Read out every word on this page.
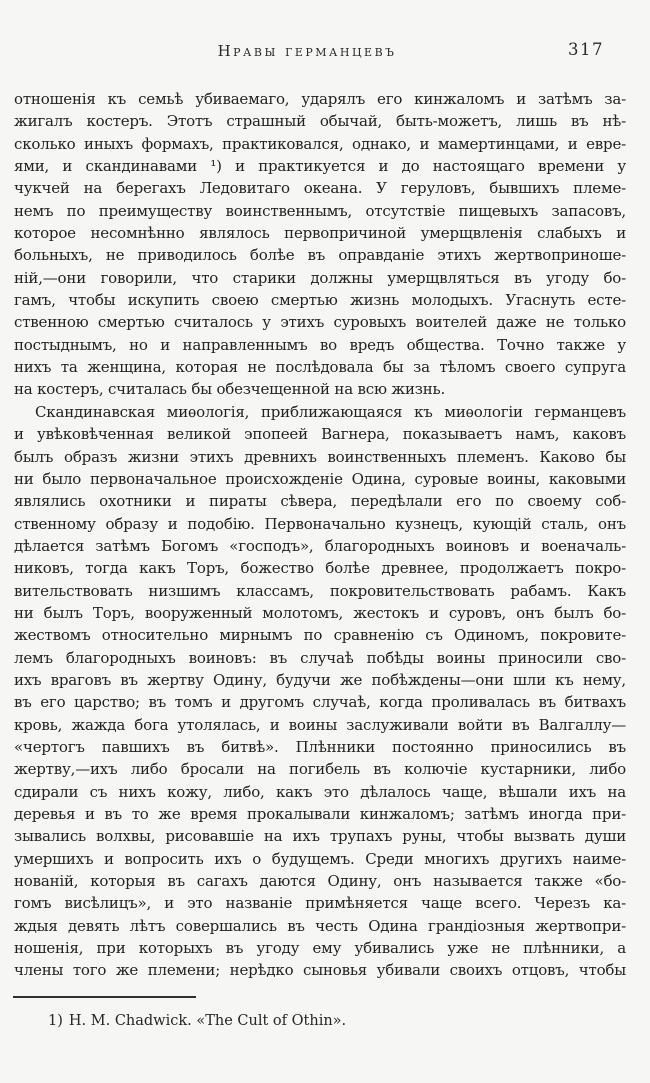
Нравы германцевъ	317
отношенія къ семьѣ убиваемаго, ударялъ его кинжаломъ и затѣмъ за-
жигалъ костеръ. Этотъ страшный обычай, быть-можетъ, лишь въ нѣ-
сколько иныхъ формахъ, практиковался, однако, и мамертинцами, и евре-
ями, и скандинавами ¹) и практикуется и до настоящаго времени у
чукчей на берегахъ Ледовитаго океана. У геруловъ, бывшихъ племе-
немъ по преимуществу воинственнымъ, отсутствіе пищевыхъ запасовъ,
которое несомнѣнно являлось первопричиной умерщвленія слабыхъ и
больныхъ, не приводилось болѣе въ оправданіе этихъ жертвоприноше-
ній,—они говорили, что старики должны умерщвляться въ угоду бо-
гамъ, чтобы искупить своею смертью жизнь молодыхъ. Угаснуть есте-
ственною смертью считалось у этихъ суровыхъ воителей даже не только
постыднымъ, но и направленнымъ во вредъ общества. Точно также у
нихъ та женщина, которая не послѣдовала бы за тѣломъ своего супруга
на костеръ, считалась бы обезчещенной на всю жизнь.
Скандинавская миѳологія, приближающаяся къ миѳологіи германцевъ
и увѣковѣченная великой эпопеей Вагнера, показываетъ намъ, каковъ
былъ образъ жизни этихъ древнихъ воинственныхъ племенъ. Каково бы
ни было первоначальное происхожденіе Одина, суровые воины, каковыми
являлись охотники и пираты сѣвера, передѣлали его по своему соб-
ственному образу и подобію. Первоначально кузнецъ, кующій сталь, онъ
дѣлается затѣмъ Богомъ «господъ», благородныхъ воиновъ и военачаль-
никовъ, тогда какъ Торъ, божество болѣе древнее, продолжаетъ покро-
вительствовать низшимъ классамъ, покровительствовать рабамъ. Какъ
ни былъ Торъ, вооруженный молотомъ, жестокъ и суровъ, онъ былъ бо-
жествомъ относительно мирнымъ по сравненію съ Одиномъ, покровите-
лемъ благородныхъ воиновъ: въ случаѣ побѣды воины приносили сво-
ихъ враговъ въ жертву Одину, будучи же побѣждены—они шли къ нему,
въ его царство; въ томъ и другомъ случаѣ, когда проливалась въ битвахъ
кровь, жажда бога утолялась, и воины заслуживали войти въ Валгаллу—
«чертогъ павшихъ въ битвѣ». Плѣнники постоянно приносились въ
жертву,—ихъ либо бросали на погибель въ колючіе кустарники, либо
сдирали съ нихъ кожу, либо, какъ это дѣлалось чаще, вѣшали ихъ на
деревья и въ то же время прокалывали кинжаломъ; затѣмъ иногда при-
зывались волхвы, рисовавшіе на ихъ трупахъ руны, чтобы вызвать души
умершихъ и вопросить ихъ о будущемъ. Среди многихъ другихъ наиме-
нованій, которыя въ сагахъ даются Одину, онъ называется также «бо-
гомъ висѣлицъ», и это названіе примѣняется чаще всего. Черезъ ка-
ждыя девять лѣтъ совершались въ честь Одина грандіозныя жертвопри-
ношенія, при которыхъ въ угоду ему убивались уже не плѣнники, а
члены того же племени; нерѣдко сыновья убивали своихъ отцовъ, чтобы
1) H. M. Chadwick. «The Cult of Othin».
